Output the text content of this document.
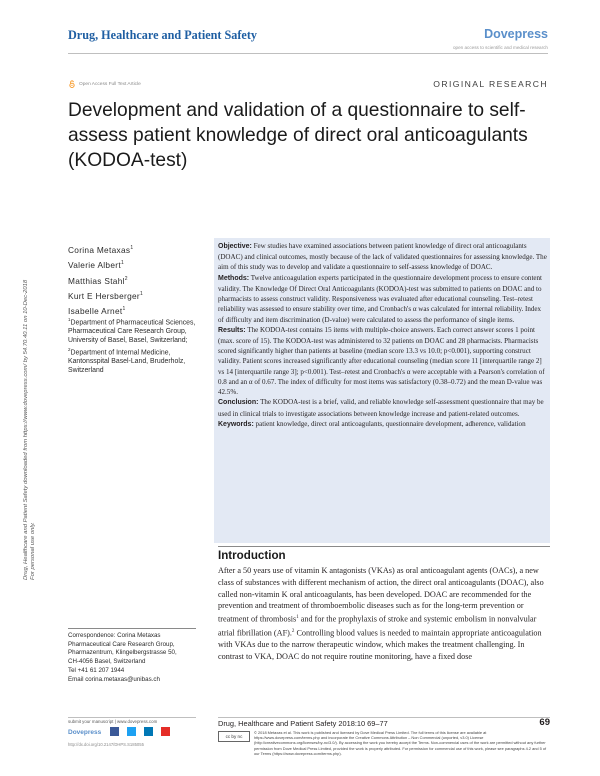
Drug, Healthcare and Patient Safety	Dovepress
open access to scientific and medical research
Open Access Full Text Article	ORIGINAL RESEARCH
Development and validation of a questionnaire to self-assess patient knowledge of direct oral anticoagulants (KODOA-test)
Drug, Healthcare and Patient Safety downloaded from https://www.dovepress.com/ by 54.70.40.11 on 10-Dec-2018 For personal use only.
Corina Metaxas$^1$
Valerie Albert$^1$
Matthias Stahl$^2$
Kurt E Hersberger$^1$
Isabelle Arnet$^1$
$^1$Department of Pharmaceutical Sciences, Pharmaceutical Care Research Group, University of Basel, Basel, Switzerland; $^2$Department of Internal Medicine, Kantonsspital Basel-Land, Bruderholz, Switzerland
Correspondence: Corina Metaxas
Pharmaceutical Care Research Group,
Pharmazentrum, Klingelbergstrasse 50,
CH-4056 Basel, Switzerland
Tel +41 61 207 1944
Email corina.metaxas@unibas.ch

Objective: Few studies have examined associations between patient knowledge of direct oral anticoagulants (DOAC) and clinical outcomes, mostly because of the lack of validated questionnaires for assessing knowledge. The aim of this study was to develop and validate a questionnaire to self-assess knowledge of DOAC.

Methods: Twelve anticoagulation experts participated in the questionnaire development process to ensure content validity. The Knowledge Of Direct Oral Anticoagulants (KODOA)-test was submitted to patients on DOAC and to pharmacists to assess construct validity. Responsiveness was evaluated after educational counseling. Test–retest reliability was assessed to ensure stability over time, and Cronbach's α was calculated for internal reliability. Index of difficulty and item discrimination (D-value) were calculated to assess the performance of single items.

Results: The KODOA-test contains 15 items with multiple-choice answers. Each correct answer scores 1 point (max. score of 15). The KODOA-test was administered to 32 patients on DOAC and 28 pharmacists. Pharmacists scored significantly higher than patients at baseline (median score 13.3 vs 10.0; p<0.001), supporting construct validity. Patient scores increased significantly after educational counseling (median score 11 [interquartile range 2] vs 14 [interquartile range 3]; p<0.001). Test–retest and Cronbach's α were acceptable with a Pearson's correlation of 0.8 and an α of 0.67. The index of difficulty for most items was satisfactory (0.38–0.72) and the mean D-value was 42.5%.

Conclusion: The KODOA-test is a brief, valid, and reliable knowledge self-assessment questionnaire that may be used in clinical trials to investigate associations between knowledge increase and patient-related outcomes.

Keywords: patient knowledge, direct oral anticoagulants, questionnaire development, adherence, validation

Introduction

After a 50 years use of vitamin K antagonists (VKAs) as oral anticoagulant agents (OACs), a new class of substances with different mechanism of action, the direct oral anticoagulants (DOAC), also called non-vitamin K oral anticoagulants, has been developed. DOAC are recommended for the prevention and treatment of thromboembolic diseases such as for the long-term prevention or treatment of thrombosis$^1$ and for the prophylaxis of stroke and systemic embolism in nonvalvular atrial fibrillation (AF).$^2$ Controlling blood values is needed to maintain appropriate anticoagulation with VKAs due to the narrow therapeutic window, which makes the treatment challenging. In contrast to VKA, DOAC do not require routine monitoring, have a fixed dose

submit your manuscript | www.dovepress.com
Dovepress
http://dx.doi.org/10.2147/DHPS.S185055
Drug, Healthcare and Patient Safety 2018:10 69–77	69
cc by nc
© 2018 Metaxas et al. This work is published and licensed by Dove Medical Press Limited. The full terms of this license are available at https://www.dovepress.com/terms.php and incorporate the Creative Commons Attribution – Non Commercial (unported, v3.0) License (http://creativecommons.org/licenses/by-nc/3.0/). By accessing the work you hereby accept the Terms. Non-commercial uses of the work are permitted without any further permission from Dove Medical Press Limited, provided the work is properly attributed. For permission for commercial use of this work, please see paragraphs 4.2 and 5 of our Terms (https://www.dovepress.com/terms.php).
